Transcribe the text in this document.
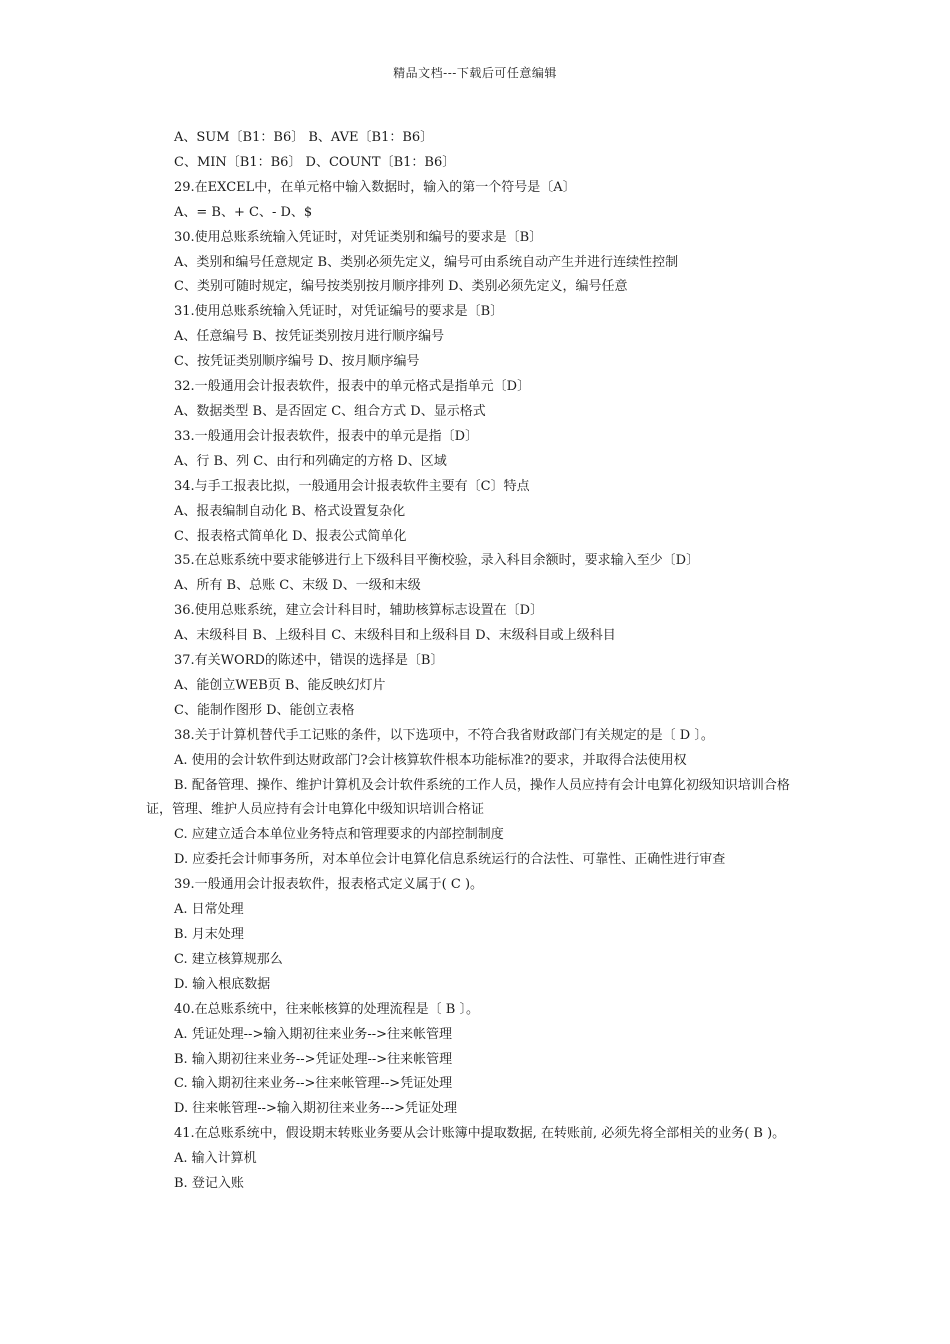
精品文档---下载后可任意编辑
A、SUM〔B1：B6〕 B、AVE〔B1：B6〕
C、MIN〔B1：B6〕 D、COUNT〔B1：B6〕
29.在EXCEL中，在单元格中输入数据时，输入的第一个符号是〔A〕
A、= B、+ C、- D、$
30.使用总账系统输入凭证时，对凭证类别和编号的要求是〔B〕
A、类别和编号任意规定 B、类别必须先定义，编号可由系统自动产生并进行连续性控制
C、类别可随时规定，编号按类别按月顺序排列 D、类别必须先定义，编号任意
31.使用总账系统输入凭证时，对凭证编号的要求是〔B〕
A、任意编号 B、按凭证类别按月进行顺序编号
C、按凭证类别顺序编号 D、按月顺序编号
32.一般通用会计报表软件，报表中的单元格式是指单元〔D〕
A、数据类型 B、是否固定 C、组合方式 D、显示格式
33.一般通用会计报表软件，报表中的单元是指〔D〕
A、行 B、列 C、由行和列确定的方格 D、区域
34.与手工报表比拟，一般通用会计报表软件主要有〔C〕特点
A、报表编制自动化 B、格式设置复杂化
C、报表格式简单化 D、报表公式简单化
35.在总账系统中要求能够进行上下级科目平衡校验，录入科目余额时，要求输入至少〔D〕
A、所有 B、总账 C、末级 D、一级和末级
36.使用总账系统，建立会计科目时，辅助核算标志设置在〔D〕
A、末级科目 B、上级科目 C、末级科目和上级科目 D、末级科目或上级科目
37.有关WORD的陈述中，错误的选择是〔B〕
A、能创立WEB页 B、能反映幻灯片
C、能制作图形 D、能创立表格
38.关于计算机替代手工记账的条件，以下选项中，不符合我省财政部门有关规定的是〔 D 〕。
A. 使用的会计软件到达财政部门?会计核算软件根本功能标准?的要求，并取得合法使用权
B. 配备管理、操作、维护计算机及会计软件系统的工作人员，操作人员应持有会计电算化初级知识培训合格证，管理、维护人员应持有会计电算化中级知识培训合格证
C. 应建立适合本单位业务特点和管理要求的内部控制制度
D. 应委托会计师事务所，对本单位会计电算化信息系统运行的合法性、可靠性、正确性进行审查
39.一般通用会计报表软件，报表格式定义属于( C )。
A. 日常处理
B. 月末处理
C. 建立核算规那么
D. 输入根底数据
40.在总账系统中，往来帐核算的处理流程是〔 B 〕。
A. 凭证处理-->输入期初往来业务-->往来帐管理
B. 输入期初往来业务-->凭证处理-->往来帐管理
C. 输入期初往来业务-->往来帐管理-->凭证处理
D. 往来帐管理-->输入期初往来业务--->凭证处理
41.在总账系统中，假设期末转账业务要从会计账簿中提取数据, 在转账前, 必须先将全部相关的业务( B )。
A. 输入计算机
B. 登记入账
